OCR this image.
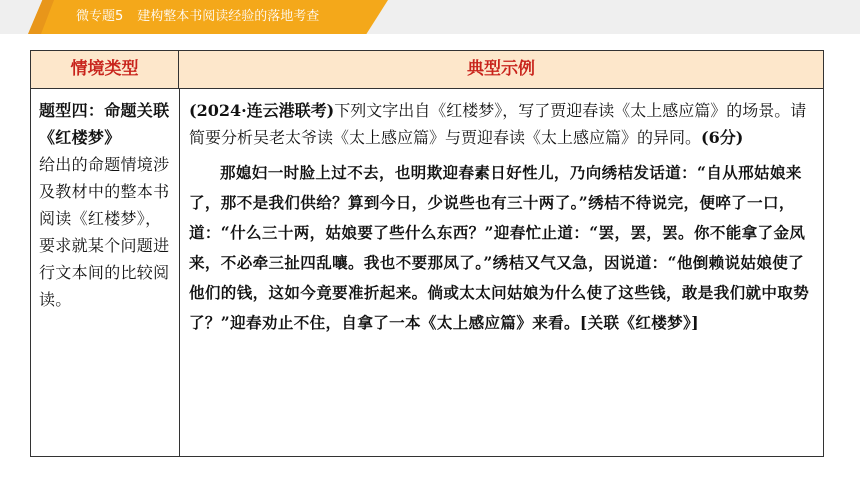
微专题5 建构整本书阅读经验的落地考查
情境类型	典型示例
题型四：命题关联《红楼梦》
给出的命题情境涉及教材中的整本书阅读《红楼梦》，要求就某个问题进行文本间的比较阅读。
(2024·连云港联考)下列文字出自《红楼梦》，写了贾迎春读《太上感应篇》的场景。请简要分析吴老太爷读《太上感应篇》与贾迎春读《太上感应篇》的异同。(6分)
那媳妇一时脸上过不去，也明欺迎春素日好性儿，乃向绣桔发话道：“自从邢姑娘来了，那不是我们供给？算到今日，少说些也有三十两了。”绣桔不待说完，便啐了一口，道：“什么三十两，姑娘要了些什么东西？”迎春忙止道：“罢，罢，罢。你不能拿了金凤来，不必牵三扯四乱嚷。我也不要那凤了。”绣桔又气又急，因说道：“他倒赖说姑娘使了他们的钱，这如今竟要准折起来。倘或太太问姑娘为什么使了这些钱，敢是我们就中取势了？”迎春劝止不住，自拿了一本《太上感应篇》来看。[关联《红楼梦》]
